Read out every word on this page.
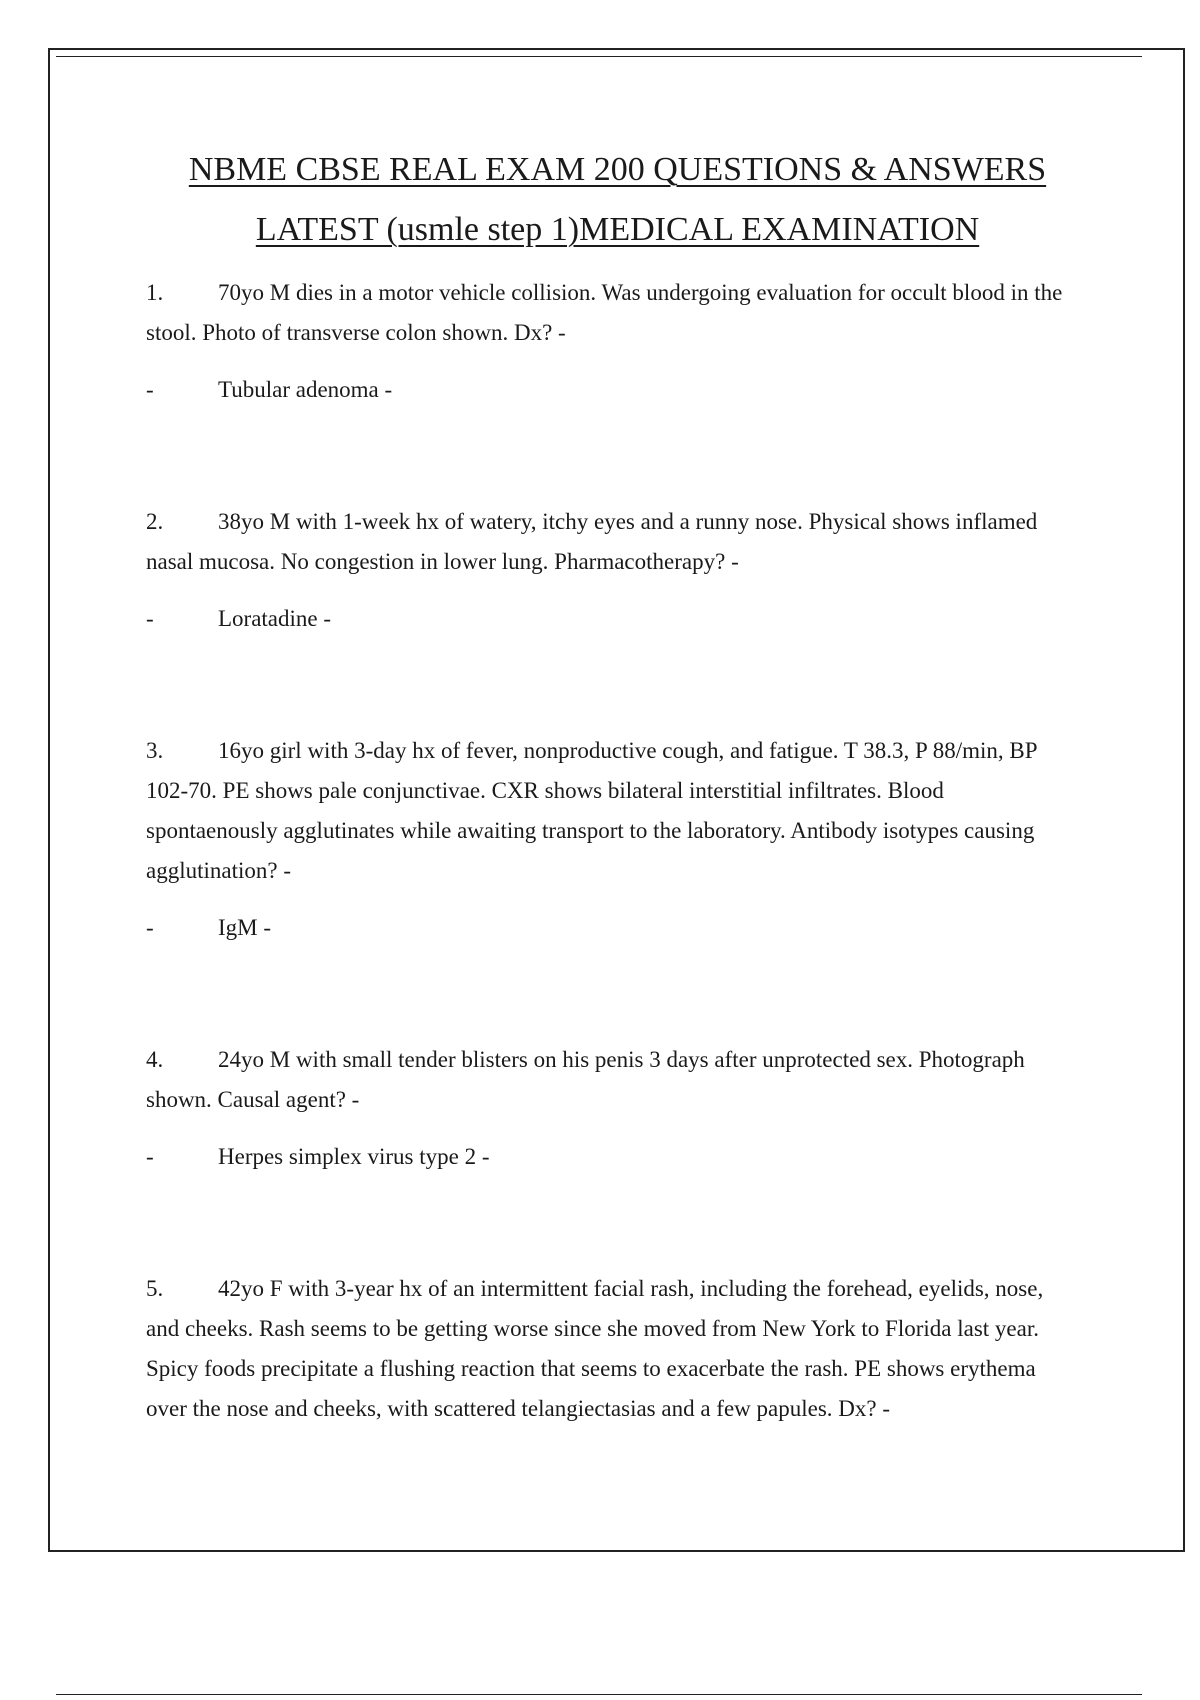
NBME CBSE REAL EXAM 200 QUESTIONS & ANSWERS
LATEST (usmle step 1)MEDICAL EXAMINATION

1. 70yo M dies in a motor vehicle collision. Was undergoing evaluation for occult blood in the stool. Photo of transverse colon shown. Dx? -

-	Tubular adenoma -

2. 38yo M with 1-week hx of watery, itchy eyes and a runny nose. Physical shows inflamed nasal mucosa. No congestion in lower lung. Pharmacotherapy? -

-	Loratadine -

3. 16yo girl with 3-day hx of fever, nonproductive cough, and fatigue. T 38.3, P 88/min, BP 102-70. PE shows pale conjunctivae. CXR shows bilateral interstitial infiltrates. Blood spontaenously agglutinates while awaiting transport to the laboratory. Antibody isotypes causing agglutination? -

-	IgM -

4. 24yo M with small tender blisters on his penis 3 days after unprotected sex. Photograph shown. Causal agent? -

-	Herpes simplex virus type 2 -

5. 42yo F with 3-year hx of an intermittent facial rash, including the forehead, eyelids, nose, and cheeks. Rash seems to be getting worse since she moved from New York to Florida last year. Spicy foods precipitate a flushing reaction that seems to exacerbate the rash. PE shows erythema over the nose and cheeks, with scattered telangiectasias and a few papules. Dx? -
